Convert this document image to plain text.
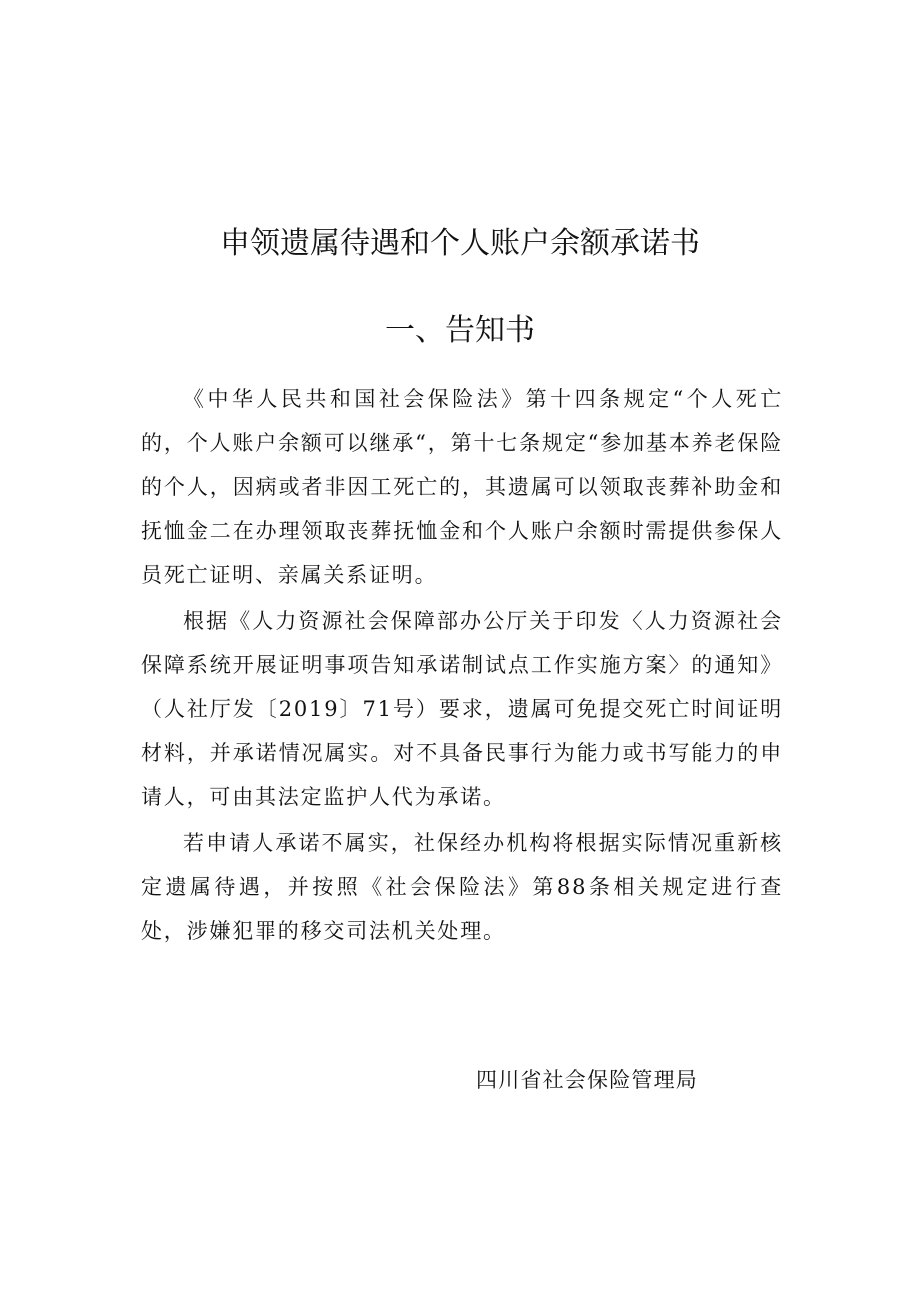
申领遗属待遇和个人账户余额承诺书
一、告知书

《中华人民共和国社会保险法》第十四条规定“个人死亡的，个人账户余额可以继承“，第十七条规定“参加基本养老保险的个人，因病或者非因工死亡的，其遗属可以领取丧葬补助金和抚恤金二在办理领取丧葬抚恤金和个人账户余额时需提供参保人员死亡证明、亲属关系证明。

根据《人力资源社会保障部办公厅关于印发〈人力资源社会保障系统开展证明事项告知承诺制试点工作实施方案〉的通知》（人社厅发〔2019〕71号）要求，遗属可免提交死亡时间证明材料，并承诺情况属实。对不具备民事行为能力或书写能力的申请人，可由其法定监护人代为承诺。

若申请人承诺不属实，社保经办机构将根据实际情况重新核定遗属待遇，并按照《社会保险法》第88条相关规定进行查处，涉嫌犯罪的移交司法机关处理。

四川省社会保险管理局
